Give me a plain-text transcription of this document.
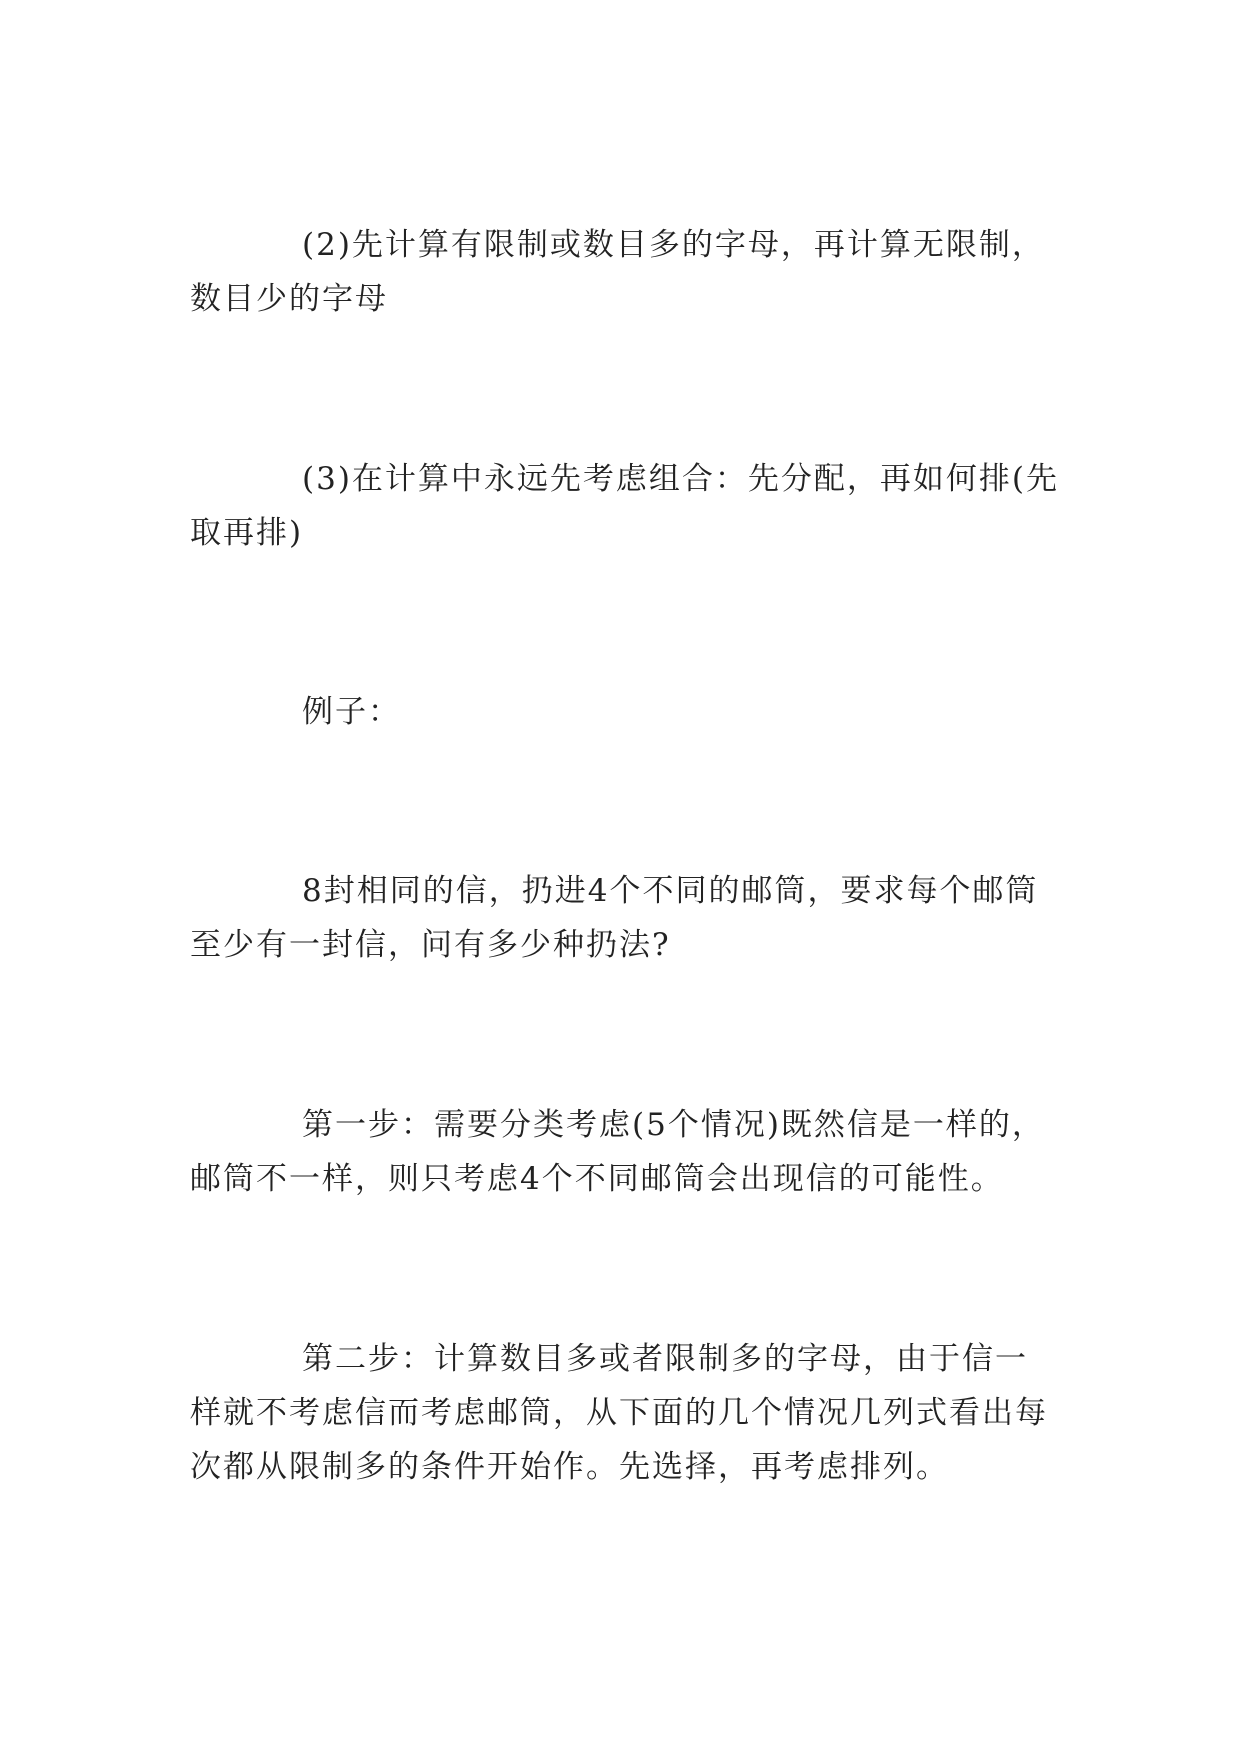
(2)先计算有限制或数目多的字母，再计算无限制，数目少的字母

(3)在计算中永远先考虑组合：先分配，再如何排(先取再排)

例子：

8封相同的信，扔进4个不同的邮筒，要求每个邮筒至少有一封信，问有多少种扔法?

第一步：需要分类考虑(5个情况)既然信是一样的，邮筒不一样，则只考虑4个不同邮筒会出现信的可能性。

第二步：计算数目多或者限制多的字母，由于信一样就不考虑信而考虑邮筒，从下面的几个情况几列式看出每次都从限制多的条件开始作。先选择，再考虑排列。
